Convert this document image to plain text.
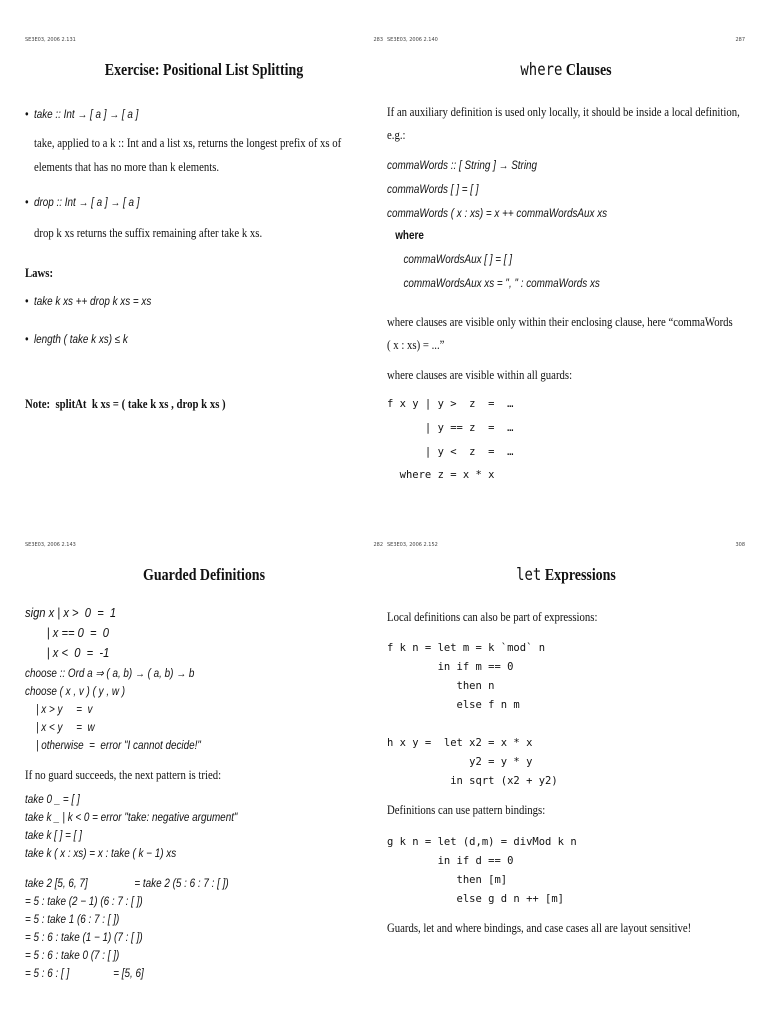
SE3E03, 2006 2.131	283
Exercise: Positional List Splitting
•  take :: Int → [ a ] → [ a ]
take, applied to a k :: Int and a list xs, returns the longest prefix of xs of
elements that has no more than k elements.
•  drop :: Int → [ a ] → [ a ]
drop k xs returns the suffix remaining after take k xs.
Laws:
•  take k xs ++ drop k xs = xs
•  length ( take k xs) ≤ k
Note:  splitAt  k xs = ( take k xs , drop k xs )
SE3E03, 2006 2.140	287
where Clauses
If an auxiliary definition is used only locally, it should be inside a local definition,
e.g.:
commaWords :: [ String ] → String
commaWords [ ] = [ ]
commaWords ( x : xs) = x ++ commaWordsAux xs
where
commaWordsAux [ ] = [ ]
commaWordsAux xs = ", " : commaWords xs
where clauses are visible only within their enclosing clause, here “commaWords
( x : xs) = ...”
where clauses are visible within all guards:
f x y | y >  z  =  …
| y == z  =  …
| y <  z  =  …
where z = x * x
SE3E03, 2006 2.143	282
Guarded Definitions
sign x | x >  0  =  1
| x == 0  =  0
| x <  0  =  -1
choose :: Ord a ⇒ ( a, b) → ( a, b) → b
choose ( x , v ) ( y , w )
| x > y     =  v
| x < y     =  w
| otherwise  =  error "I cannot decide!"
If no guard succeeds, the next pattern is tried:
take 0 _ = [ ]
take k _ | k < 0 = error "take: negative argument"
take k [ ] = [ ]
take k ( x : xs) = x : take ( k − 1) xs
take 2 [5, 6, 7]                 = take 2 (5 : 6 : 7 : [ ])
= 5 : take (2 − 1) (6 : 7 : [ ])
= 5 : take 1 (6 : 7 : [ ])
= 5 : 6 : take (1 − 1) (7 : [ ])
= 5 : 6 : take 0 (7 : [ ])
= 5 : 6 : [ ]                = [5, 6]
SE3E03, 2006 2.152	308
let Expressions
Local definitions can also be part of expressions:
f k n = let m = k `mod` n
in if m == 0
then n
else f n m
h x y =  let x2 = x * x
y2 = y * y
in sqrt (x2 + y2)
Definitions can use pattern bindings:
g k n = let (d,m) = divMod k n
in if d == 0
then [m]
else g d n ++ [m]
Guards, let and where bindings, and case cases all are layout sensitive!
